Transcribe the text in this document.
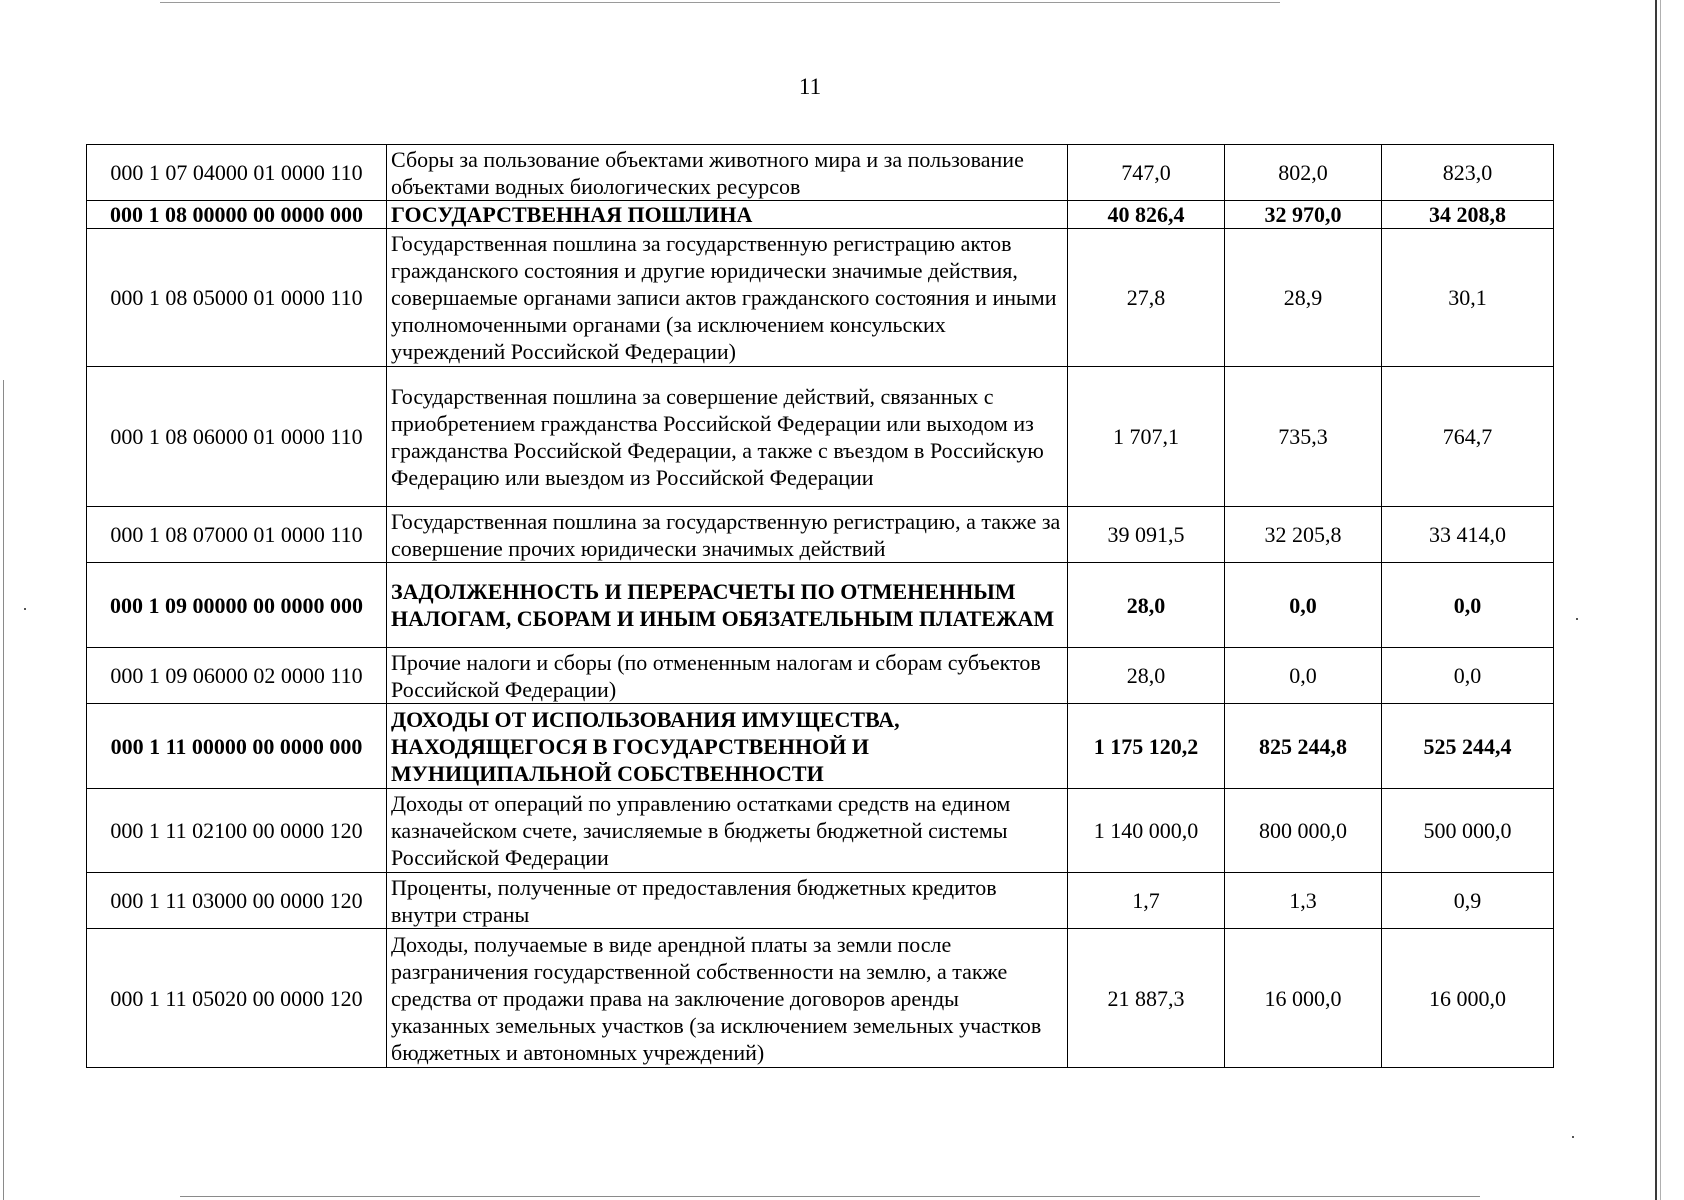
11
000 1 07 04000 01 0000 110	Сборы за пользование объектами животного мира и за пользование объектами водных биологических ресурсов	747,0	802,0	823,0
000 1 08 00000 00 0000 000	ГОСУДАРСТВЕННАЯ ПОШЛИНА	40 826,4	32 970,0	34 208,8
000 1 08 05000 01 0000 110	Государственная пошлина за государственную регистрацию актов гражданского состояния и другие юридически значимые действия, совершаемые органами записи актов гражданского состояния и иными уполномоченными органами (за исключением консульских учреждений Российской Федерации)	27,8	28,9	30,1
000 1 08 06000 01 0000 110	Государственная пошлина за совершение действий, связанных с приобретением гражданства Российской Федерации или выходом из гражданства Российской Федерации, а также с въездом в Российскую Федерацию или выездом из Российской Федерации	1 707,1	735,3	764,7
000 1 08 07000 01 0000 110	Государственная пошлина за государственную регистрацию, а также за совершение прочих юридически значимых действий	39 091,5	32 205,8	33 414,0
000 1 09 00000 00 0000 000	ЗАДОЛЖЕННОСТЬ И ПЕРЕРАСЧЕТЫ ПО ОТМЕНЕННЫМ НАЛОГАМ, СБОРАМ И ИНЫМ ОБЯЗАТЕЛЬНЫМ ПЛАТЕЖАМ	28,0	0,0	0,0
000 1 09 06000 02 0000 110	Прочие налоги и сборы (по отмененным налогам и сборам субъектов Российской Федерации)	28,0	0,0	0,0
000 1 11 00000 00 0000 000	ДОХОДЫ ОТ ИСПОЛЬЗОВАНИЯ ИМУЩЕСТВА, НАХОДЯЩЕГОСЯ В ГОСУДАРСТВЕННОЙ И МУНИЦИПАЛЬНОЙ СОБСТВЕННОСТИ	1 175 120,2	825 244,8	525 244,4
000 1 11 02100 00 0000 120	Доходы от операций по управлению остатками средств на едином казначейском счете, зачисляемые в бюджеты бюджетной системы Российской Федерации	1 140 000,0	800 000,0	500 000,0
000 1 11 03000 00 0000 120	Проценты, полученные от предоставления бюджетных кредитов внутри страны	1,7	1,3	0,9
000 1 11 05020 00 0000 120	Доходы, получаемые в виде арендной платы за земли после разграничения государственной собственности на землю, а также средства от продажи права на заключение договоров аренды указанных земельных участков (за исключением земельных участков бюджетных и автономных учреждений)	21 887,3	16 000,0	16 000,0
